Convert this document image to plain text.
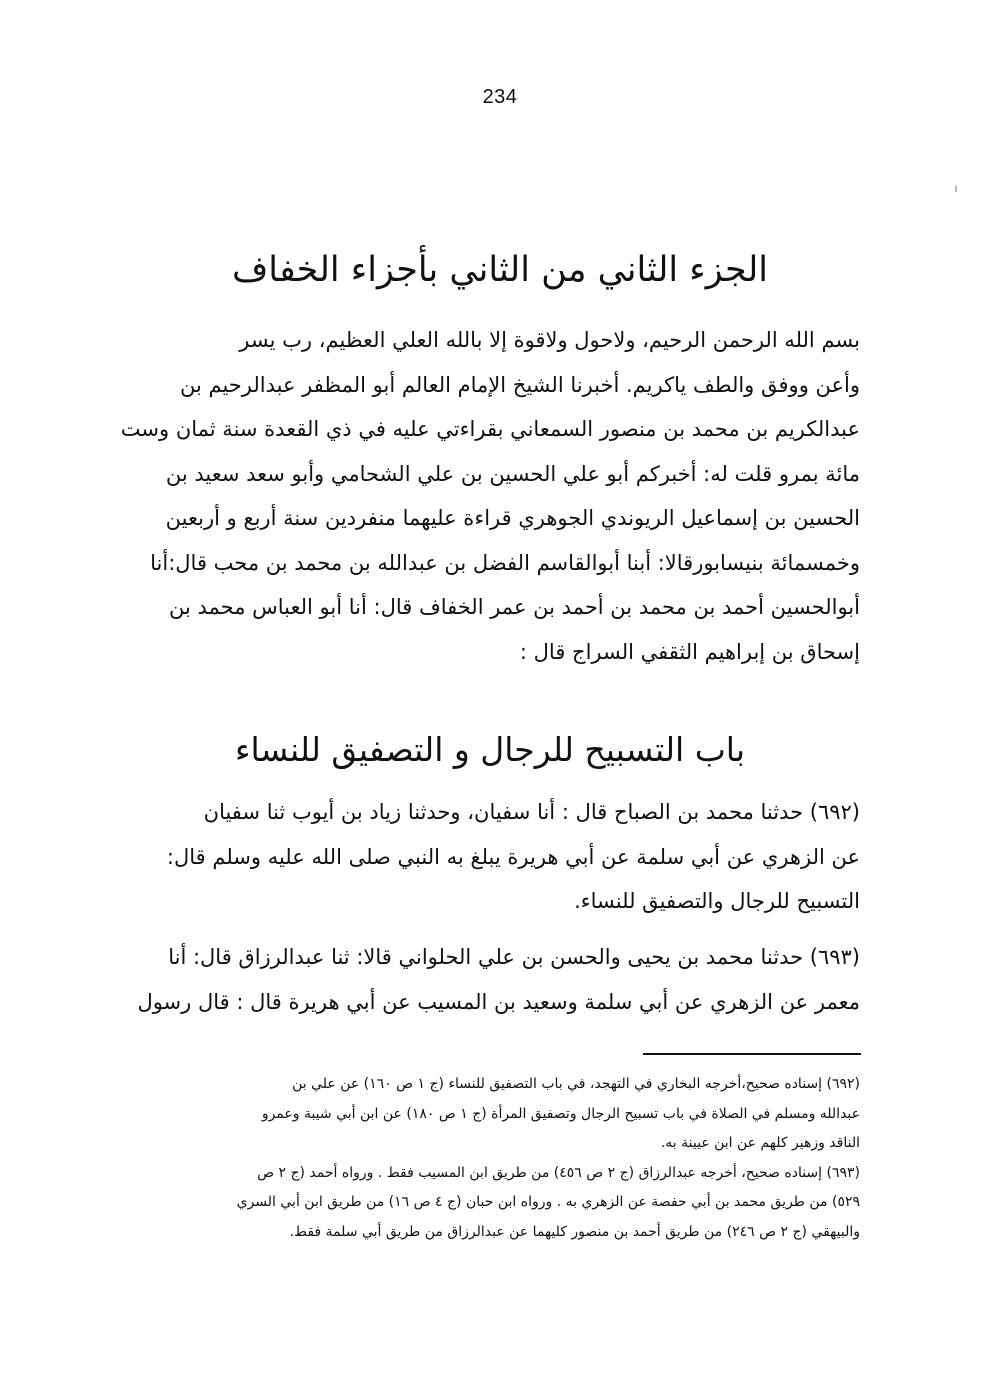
234
الجزء الثاني من الثاني بأجزاء الخفاف
بسم الله الرحمن الرحيم، ولاحول ولاقوة إلا بالله العلي العظيم، رب يسر
وأعن ووفق والطف ياكريم. أخبرنا الشيخ الإمام العالم أبو المظفر عبدالرحيم بن
عبدالكريم بن محمد بن منصور السمعاني بقراءتي عليه في ذي القعدة سنة ثمان وست
مائة بمرو قلت له: أخبركم أبو علي الحسين بن علي الشحامي وأبو سعد سعيد بن
الحسين بن إسماعيل الريوندي الجوهري قراءة عليهما منفردين سنة أربع و أربعين
وخمسمائة بنيسابورقالا: أبنا أبوالقاسم الفضل بن عبدالله بن محمد بن محب قال:أنا
أبوالحسين أحمد بن محمد بن أحمد بن عمر الخفاف قال: أنا أبو العباس محمد بن
إسحاق بن إبراهيم الثقفي السراج قال :
باب التسبيح للرجال و التصفيق للنساء
(٦٩٢) حدثنا محمد بن الصباح قال : أنا سفيان، وحدثنا زياد بن أيوب ثنا سفيان
عن الزهري عن أبي سلمة عن أبي هريرة يبلغ به النبي صلى الله عليه وسلم قال:
التسبيح للرجال والتصفيق للنساء.
(٦٩٣) حدثنا محمد بن يحيى والحسن بن علي الحلواني قالا: ثنا عبدالرزاق قال: أنا
معمر عن الزهري عن أبي سلمة وسعيد بن المسيب عن أبي هريرة قال : قال رسول
(٦٩٢) إسناده صحيح،أخرجه البخاري في التهجد، في باب التصفيق للنساء (ج ١ ص ١٦٠) عن علي بن
عبدالله ومسلم في الصلاة في باب تسبيح الرجال وتصفيق المرأة (ج ١ ص ١٨٠) عن ابن أبي شيبة وعمرو
الناقد وزهير كلهم عن ابن عيينة به.
(٦٩٣) إسناده صحيح، أخرجه عبدالرزاق (ج ٢ ص ٤٥٦) من طريق ابن المسيب فقط . ورواه أحمد (ج ٢ ص
٥٢٩) من طريق محمد بن أبي حفصة عن الزهري به . ورواه ابن حبان (ج ٤ ص ١٦) من طريق ابن أبي السري
والبيهقي (ج ٢ ص ٢٤٦) من طريق أحمد بن منصور كليهما عن عبدالرزاق من طريق أبي سلمة فقط.
